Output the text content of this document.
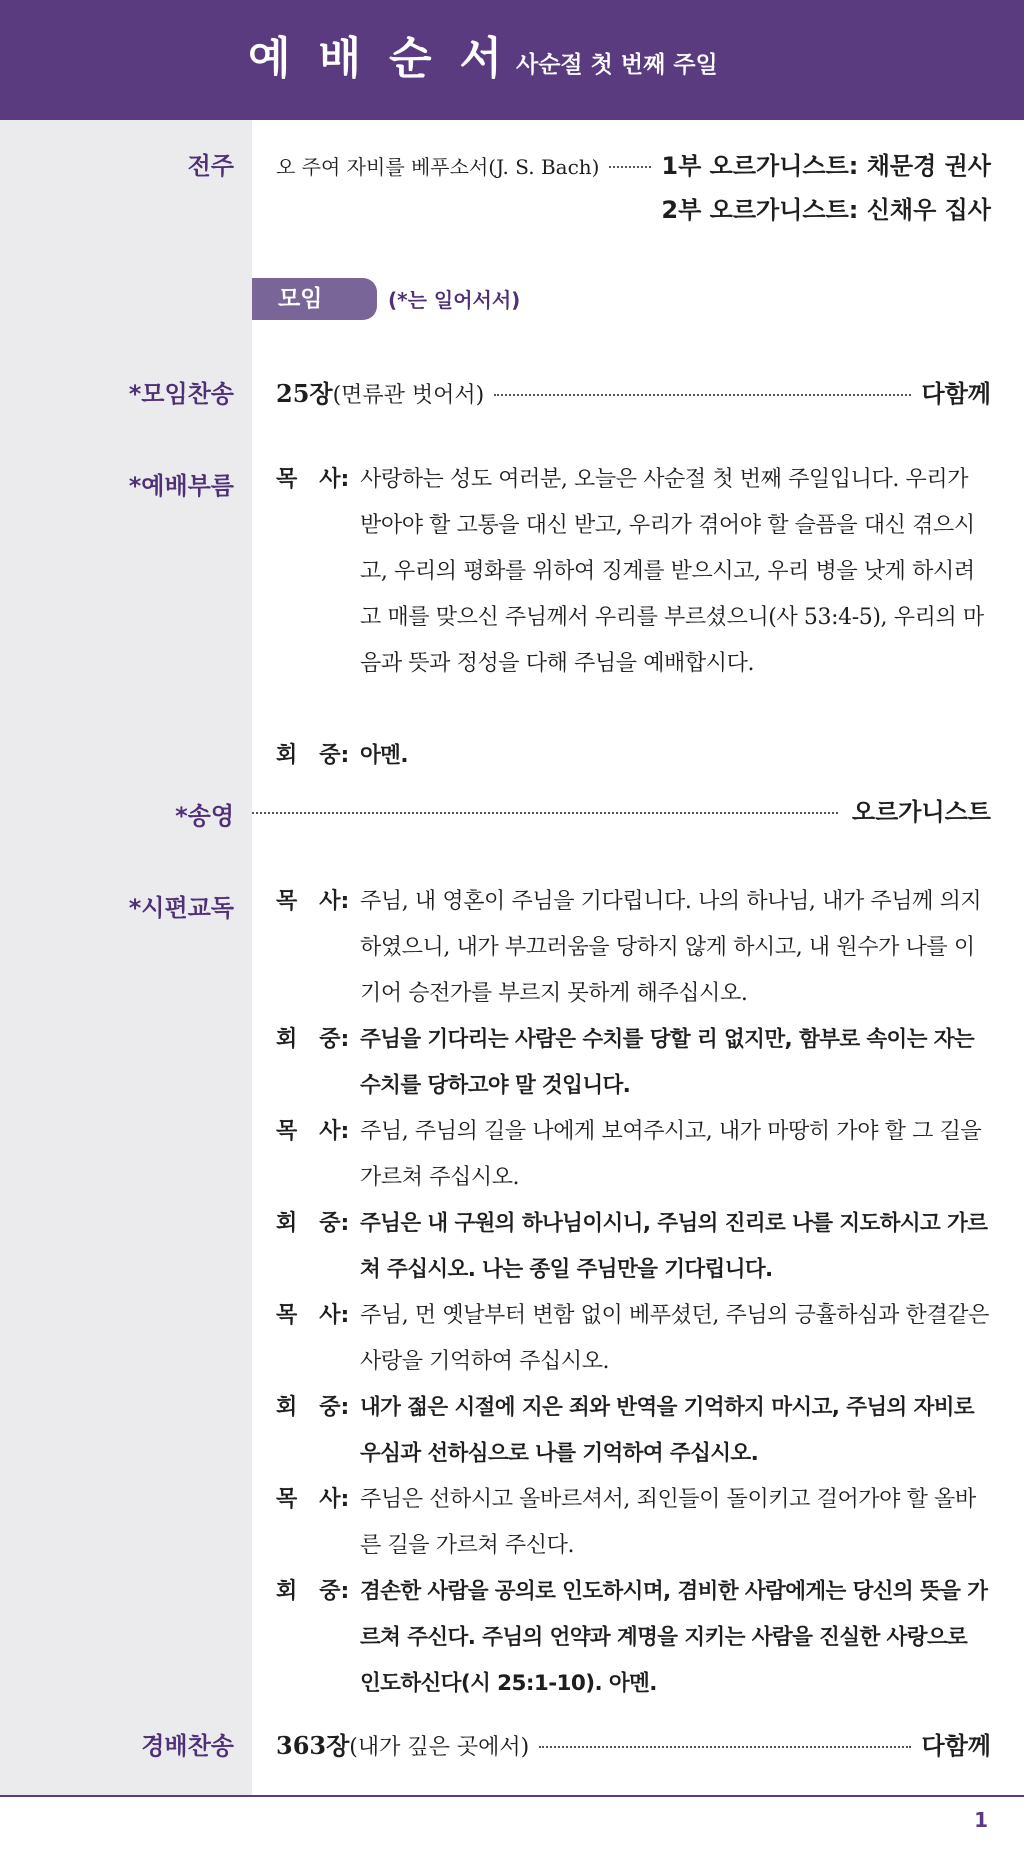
예배순서
사순절 첫 번째 주일
전주 오 주여 자비를 베푸소서(J. S. Bach)	1부 오르가니스트: 채문경 권사
2부 오르가니스트: 신채우 집사
모임	(*는 일어서서)
*모임찬송 25장 (면류관 벗어서)	다함께
*예배부름 목　사: 사랑하는 성도 여러분, 오늘은 사순절 첫 번째 주일입니다. 우리가 받아야 할 고통을 대신 받고, 우리가 겪어야 할 슬픔을 대신 겪으시고, 우리의 평화를 위하여 징계를 받으시고, 우리 병을 낫게 하시려고 매를 맞으신 주님께서 우리를 부르셨으니(사 53:4-5), 우리의 마음과 뜻과 정성을 다해 주님을 예배합시다.
회　중: 아멘.
*송영	오르가니스트
*시편교독 목　사: 주님, 내 영혼이 주님을 기다립니다. 나의 하나님, 내가 주님께 의지하였으니, 내가 부끄러움을 당하지 않게 하시고, 내 원수가 나를 이기어 승전가를 부르지 못하게 해주십시오.
회　중: 주님을 기다리는 사람은 수치를 당할 리 없지만, 함부로 속이는 자는 수치를 당하고야 말 것입니다.
목　사: 주님, 주님의 길을 나에게 보여주시고, 내가 마땅히 가야 할 그 길을 가르쳐 주십시오.
회　중: 주님은 내 구원의 하나님이시니, 주님의 진리로 나를 지도하시고 가르쳐 주십시오. 나는 종일 주님만을 기다립니다.
목　사: 주님, 먼 옛날부터 변함 없이 베푸셨던, 주님의 긍휼하심과 한결같은 사랑을 기억하여 주십시오.
회　중: 내가 젊은 시절에 지은 죄와 반역을 기억하지 마시고, 주님의 자비로우심과 선하심으로 나를 기억하여 주십시오.
목　사: 주님은 선하시고 올바르셔서, 죄인들이 돌이키고 걸어가야 할 올바른 길을 가르쳐 주신다.
회　중: 겸손한 사람을 공의로 인도하시며, 겸비한 사람에게는 당신의 뜻을 가르쳐 주신다. 주님의 언약과 계명을 지키는 사람을 진실한 사랑으로 인도하신다(시 25:1-10). 아멘.
경배찬송 363장 (내가 깊은 곳에서)	다함께
1
